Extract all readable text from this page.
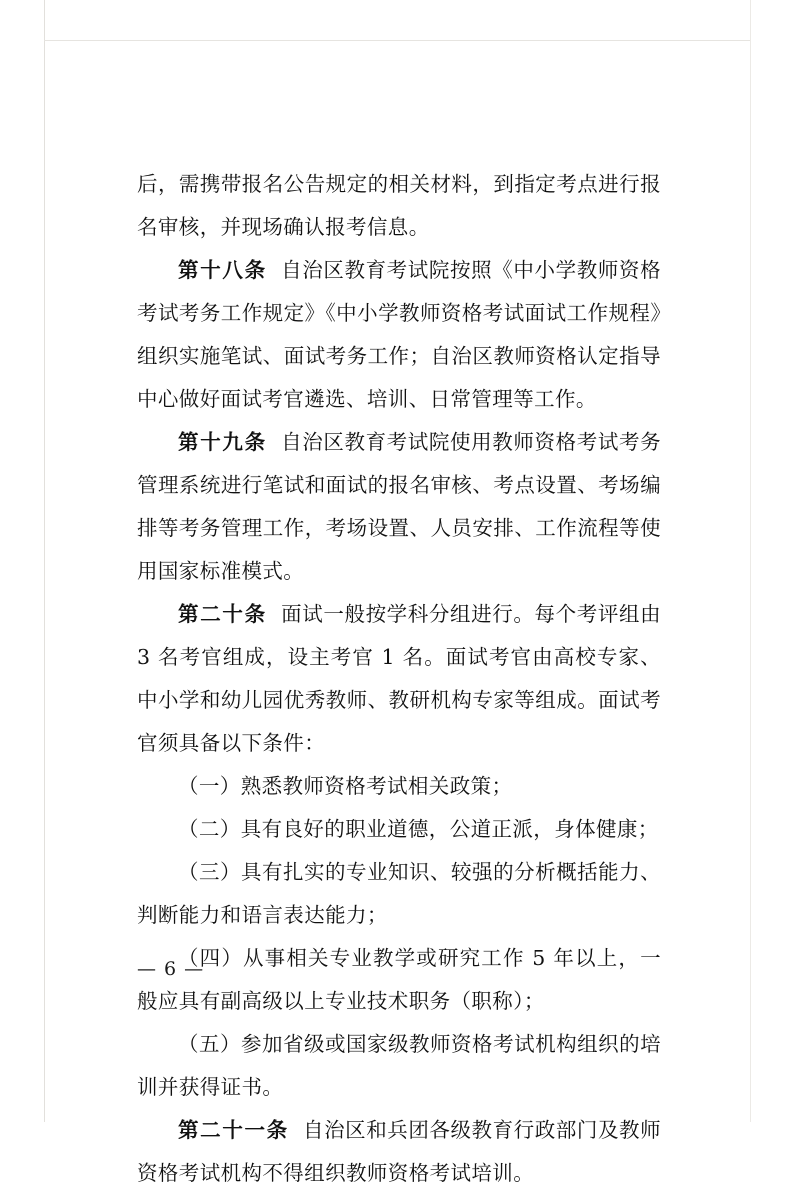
后，需携带报名公告规定的相关材料，到指定考点进行报名审核，并现场确认报考信息。

第十八条 自治区教育考试院按照《中小学教师资格考试考务工作规定》《中小学教师资格考试面试工作规程》组织实施笔试、面试考务工作；自治区教师资格认定指导中心做好面试考官遴选、培训、日常管理等工作。

第十九条 自治区教育考试院使用教师资格考试考务管理系统进行笔试和面试的报名审核、考点设置、考场编排等考务管理工作，考场设置、人员安排、工作流程等使用国家标准模式。

第二十条 面试一般按学科分组进行。每个考评组由 3 名考官组成，设主考官 1 名。面试考官由高校专家、中小学和幼儿园优秀教师、教研机构专家等组成。面试考官须具备以下条件：

（一）熟悉教师资格考试相关政策；

（二）具有良好的职业道德，公道正派，身体健康；

（三）具有扎实的专业知识、较强的分析概括能力、判断能力和语言表达能力；

（四）从事相关专业教学或研究工作 5 年以上，一般应具有副高级以上专业技术职务（职称）；

（五）参加省级或国家级教师资格考试机构组织的培训并获得证书。

第二十一条 自治区和兵团各级教育行政部门及教师资格考试机构不得组织教师资格考试培训。

— 6 —
